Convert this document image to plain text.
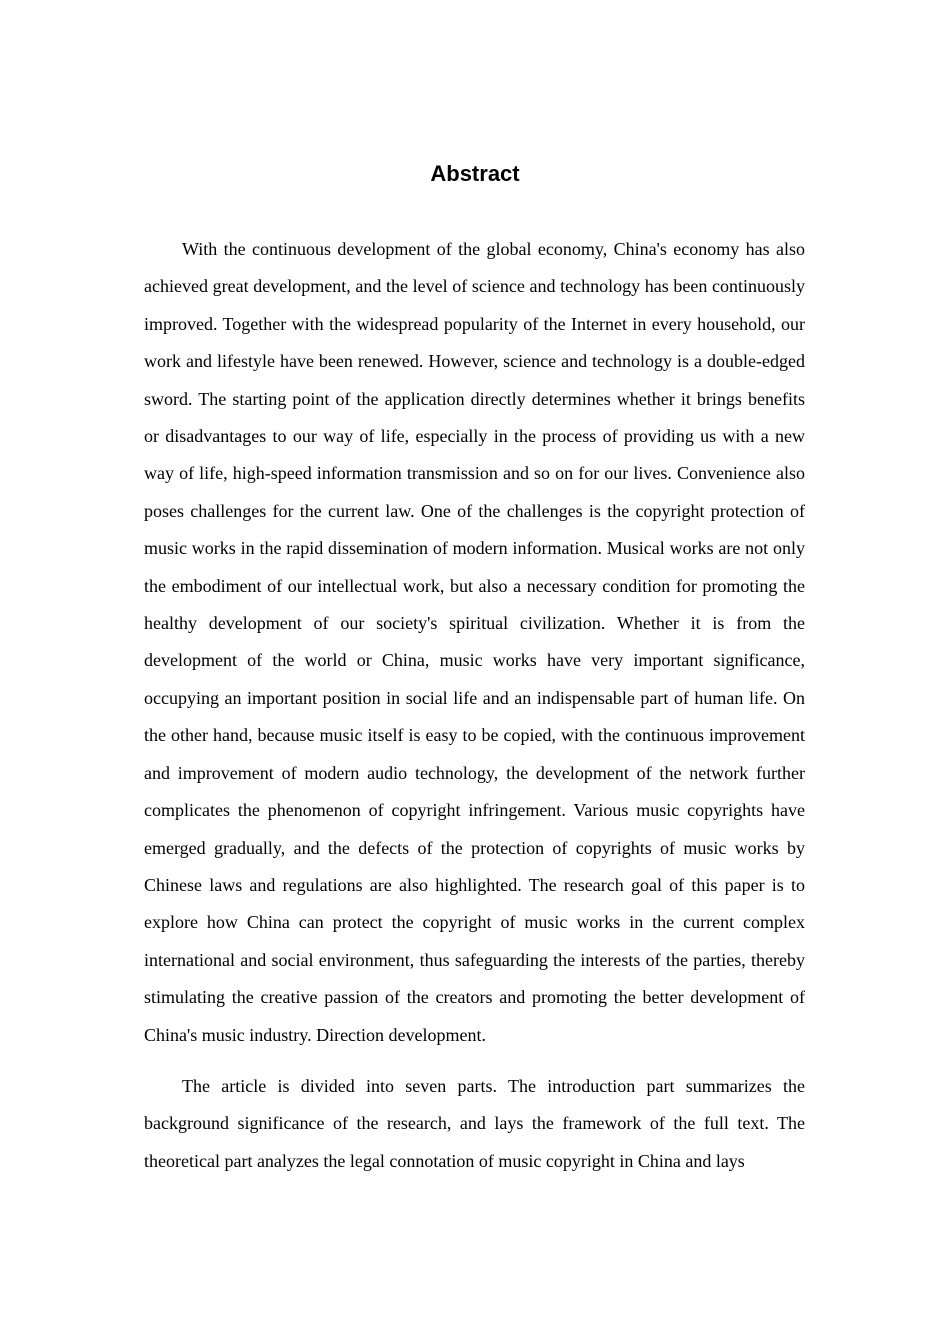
Abstract

With the continuous development of the global economy, China's economy has also achieved great development, and the level of science and technology has been continuously improved. Together with the widespread popularity of the Internet in every household, our work and lifestyle have been renewed. However, science and technology is a double-edged sword. The starting point of the application directly determines whether it brings benefits or disadvantages to our way of life, especially in the process of providing us with a new way of life, high-speed information transmission and so on for our lives. Convenience also poses challenges for the current law. One of the challenges is the copyright protection of music works in the rapid dissemination of modern information. Musical works are not only the embodiment of our intellectual work, but also a necessary condition for promoting the healthy development of our society's spiritual civilization. Whether it is from the development of the world or China, music works have very important significance, occupying an important position in social life and an indispensable part of human life. On the other hand, because music itself is easy to be copied, with the continuous improvement and improvement of modern audio technology, the development of the network further complicates the phenomenon of copyright infringement. Various music copyrights have emerged gradually, and the defects of the protection of copyrights of music works by Chinese laws and regulations are also highlighted. The research goal of this paper is to explore how China can protect the copyright of music works in the current complex international and social environment, thus safeguarding the interests of the parties, thereby stimulating the creative passion of the creators and promoting the better development of China's music industry. Direction development.

The article is divided into seven parts. The introduction part summarizes the background significance of the research, and lays the framework of the full text. The theoretical part analyzes the legal connotation of music copyright in China and lays
